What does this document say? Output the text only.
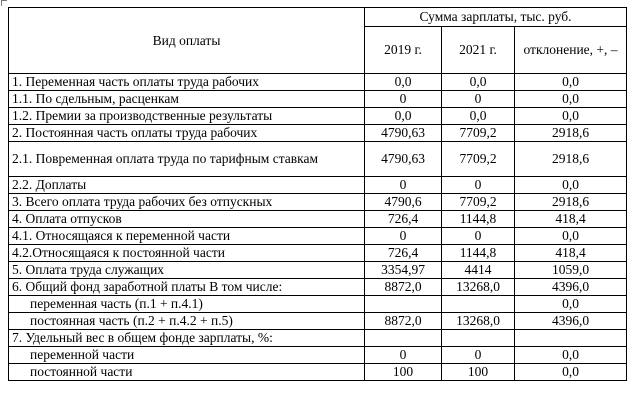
Вид оплаты	Сумма зарплаты, тыс. руб.		
	2019 г.	2021 г.	отклонение, +, –
1. Переменная часть оплаты труда рабочих	0,0	0,0	0,0
1.1. По сдельным, расценкам	0	0	0,0
1.2. Премии за производственные результаты	0,0	0,0	0,0
2. Постоянная часть оплаты труда рабочих	4790,63	7709,2	2918,6
2.1. Повременная оплата труда по тарифным ставкам	4790,63	7709,2	2918,6
2.2. Доплаты	0	0	0,0
3. Всего оплата труда рабочих без отпускных	4790,6	7709,2	2918,6
4. Оплата отпусков	726,4	1144,8	418,4
4.1. Относящаяся к переменной части	0	0	0,0
4.2.Относящаяся к постоянной части	726,4	1144,8	418,4
5. Оплата труда служащих	3354,97	4414	1059,0
6. Общий фонд заработной платы В том числе:	8872,0	13268,0	4396,0
переменная часть (п.1 + п.4.1)			0,0
постоянная часть (п.2 + п.4.2 + п.5)	8872,0	13268,0	4396,0
7. Удельный вес в общем фонде зарплаты, %:			
переменной части	0	0	0,0
постоянной части	100	100	0,0
